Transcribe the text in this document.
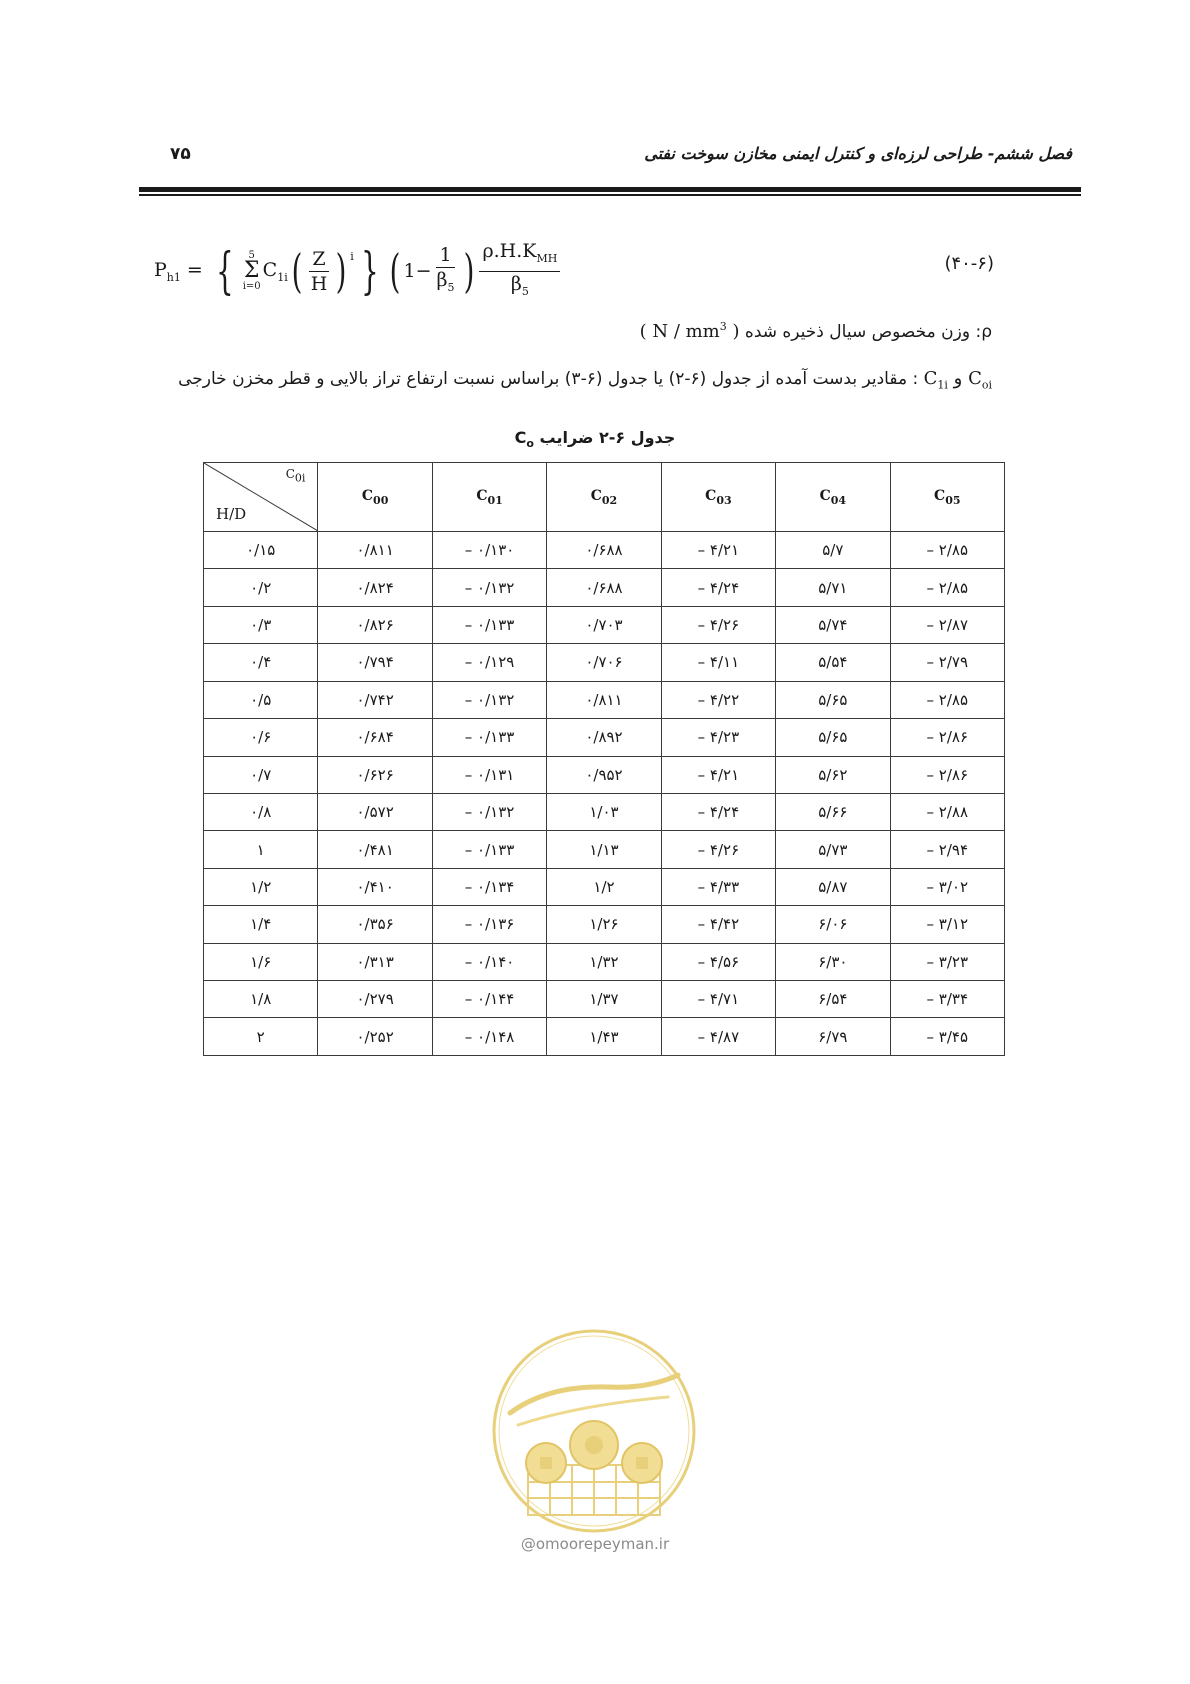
فصل ششم- طراحی لرزه‌ای و کنترل ایمنی مخازن سوخت نفتی
۷۵
$P_{h1}$ = { 5
Σ
i=0
$C_{1i}$ ( $\frac{Z}{H}$ ) $^i$ } ( $1- \frac{1}{\beta_5}$ ) $\frac{\rho.H.K_{MH}}{\beta_5}$	(۴۰-۶)
ρ: وزن مخصوص سیال ذخیره شده ( N / $mm^3$ )
$C_{1i}$ و $C_{oi}$ : مقادیر بدست آمده از جدول (۶-۲) یا جدول (۶-۳) براساس نسبت ارتفاع تراز بالایی و قطر مخزن خارجی
جدول ۶-۲ ضرایب $C_o$
$C_{0i}$
H/D	$C_{00}$	$C_{01}$	$C_{02}$	$C_{03}$	$C_{04}$	$C_{05}$
۰/۱۵	۰/۸۱۱	– ۰/۱۳۰	۰/۶۸۸	– ۴/۲۱	۵/۷	– ۲/۸۵
۰/۲	۰/۸۲۴	– ۰/۱۳۲	۰/۶۸۸	– ۴/۲۴	۵/۷۱	– ۲/۸۵
۰/۳	۰/۸۲۶	– ۰/۱۳۳	۰/۷۰۳	– ۴/۲۶	۵/۷۴	– ۲/۸۷
۰/۴	۰/۷۹۴	– ۰/۱۲۹	۰/۷۰۶	– ۴/۱۱	۵/۵۴	– ۲/۷۹
۰/۵	۰/۷۴۲	– ۰/۱۳۲	۰/۸۱۱	– ۴/۲۲	۵/۶۵	– ۲/۸۵
۰/۶	۰/۶۸۴	– ۰/۱۳۳	۰/۸۹۲	– ۴/۲۳	۵/۶۵	– ۲/۸۶
۰/۷	۰/۶۲۶	– ۰/۱۳۱	۰/۹۵۲	– ۴/۲۱	۵/۶۲	– ۲/۸۶
۰/۸	۰/۵۷۲	– ۰/۱۳۲	۱/۰۳	– ۴/۲۴	۵/۶۶	– ۲/۸۸
۱	۰/۴۸۱	– ۰/۱۳۳	۱/۱۳	– ۴/۲۶	۵/۷۳	– ۲/۹۴
۱/۲	۰/۴۱۰	– ۰/۱۳۴	۱/۲	– ۴/۳۳	۵/۸۷	– ۳/۰۲
۱/۴	۰/۳۵۶	– ۰/۱۳۶	۱/۲۶	– ۴/۴۲	۶/۰۶	– ۳/۱۲
۱/۶	۰/۳۱۳	– ۰/۱۴۰	۱/۳۲	– ۴/۵۶	۶/۳۰	– ۳/۲۳
۱/۸	۰/۲۷۹	– ۰/۱۴۴	۱/۳۷	– ۴/۷۱	۶/۵۴	– ۳/۳۴
۲	۰/۲۵۲	– ۰/۱۴۸	۱/۴۳	– ۴/۸۷	۶/۷۹	– ۳/۴۵
@omoorepeyman.ir
